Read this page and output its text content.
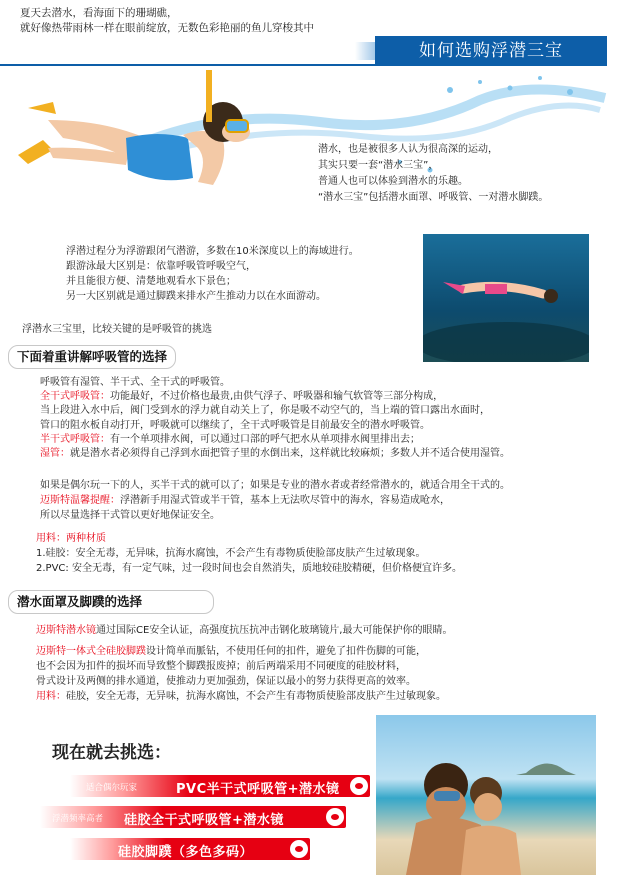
夏天去潜水，看海面下的珊瑚礁，
就好像热带雨林一样在眼前绽放，无数色彩艳丽的鱼儿穿梭其中
如何选购浮潜三宝
潜水，也是被很多人认为很高深的运动，
其实只要一套“潜水三宝”，
普通人也可以体验到潜水的乐趣。
“潜水三宝”包括潜水面罩、呼吸管、一对潜水脚蹼。
浮潜过程分为浮游跟闭气潜游，多数在10米深度以上的海域进行。
跟游泳最大区别是：依靠呼吸管呼吸空气，
并且能很方便、清楚地观看水下景色；
另一大区别就是通过脚蹼来排水产生推动力以在水面游动。
浮潜水三宝里，比较关键的是呼吸管的挑选
下面着重讲解呼吸管的选择
呼吸管有湿管、半干式、全干式的呼吸管。
全干式呼吸管：功能最好，不过价格也最贵,由供气浮子、呼吸器和输气软管等三部分构成，
当上段进入水中后，阀门受到水的浮力就自动关上了，你是吸不动空气的，当上端的管口露出水面时，
管口的阻水板自动打开，呼吸就可以继续了，全干式呼吸管是目前最安全的潜水呼吸管。
半干式呼吸管：有一个单项排水阀，可以通过口部的呼气把水从单项排水阀里排出去；
湿管：就是潜水者必须得自己浮到水面把管子里的水倒出来，这样就比较麻烦；多数人并不适合使用湿管。
如果是偶尔玩一下的人，买半干式的就可以了；如果是专业的潜水者或者经常潜水的，就适合用全干式的。
迈斯特温馨提醒：浮潜新手用湿式管或半干管，基本上无法吹尽管中的海水，容易造成呛水，
所以尽量选择干式管以更好地保证安全。
用料：两种材质
1.硅胶：安全无毒，无异味，抗海水腐蚀，不会产生有毒物质使脸部皮肤产生过敏现象。
2.PVC: 安全无毒，有一定气味，过一段时间也会自然消失，质地较硅胶精硬，但价格便宜许多。
潜水面罩及脚蹼的选择
迈斯特潜水镜通过国际CE安全认证，高强度抗压抗冲击钢化玻璃镜片,最大可能保护你的眼睛。
迈斯特一体式全硅胶脚蹼设计简单而脈钻，不使用任何的扣件，避免了扣件伤脚的可能，
也不会因为扣件的损坏而导致整个脚蹼报废掉；前后两端采用不同硬度的硅胶材料，
骨式设计及两侧的排水通道，使推动力更加强劲，保证以最小的努力获得更高的效率。
用料：硅胶，安全无毒，无异味，抗海水腐蚀，不会产生有毒物质使脸部皮肤产生过敏现象。
现在就去挑选：
适合偶尔玩家	PVC半干式呼吸管+潜水镜
浮潜频率高者 硅胶全干式呼吸管+潜水镜
硅胶脚蹼（多色多码）
